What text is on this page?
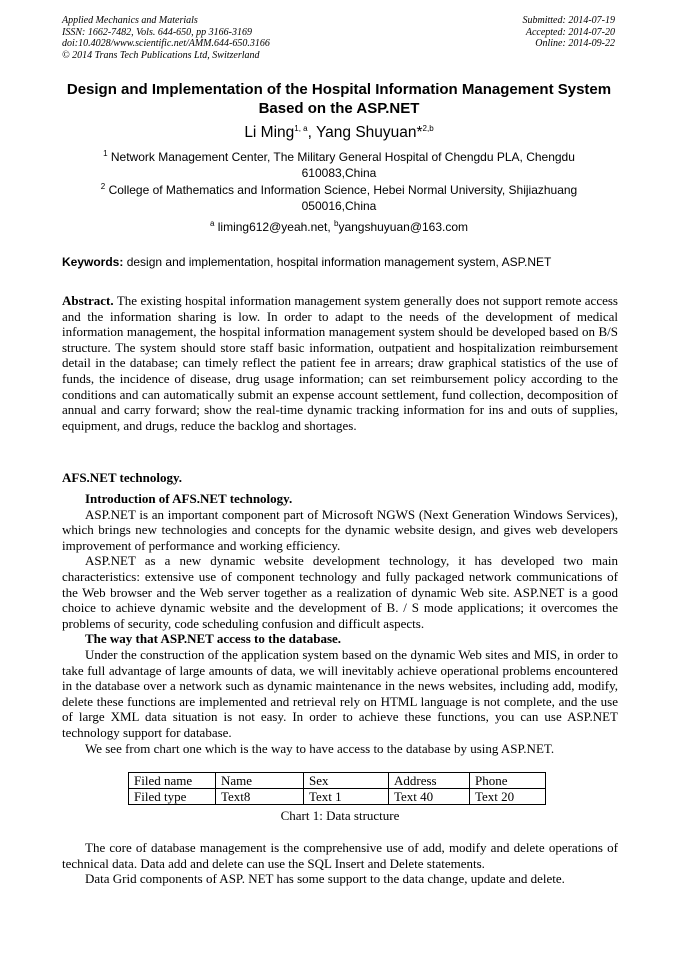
Applied Mechanics and Materials
ISSN: 1662-7482, Vols. 644-650, pp 3166-3169
doi:10.4028/www.scientific.net/AMM.644-650.3166
© 2014 Trans Tech Publications Ltd, Switzerland
Submitted: 2014-07-19
Accepted: 2014-07-20
Online: 2014-09-22
Design and Implementation of the Hospital Information Management System Based on the ASP.NET
Li Ming$^{1, a}$, Yang Shuyuan*$^{2,b}$
$^1$ Network Management Center, The Military General Hospital of Chengdu PLA, Chengdu 610083,China
$^2$ College of Mathematics and Information Science, Hebei Normal University, Shijiazhuang 050016,China
$^a$ liming612@yeah.net, $^b$yangshuyuan@163.com
Keywords: design and implementation, hospital information management system, ASP.NET
Abstract. The existing hospital information management system generally does not support remote access and the information sharing is low. In order to adapt to the needs of the development of medical information management, the hospital information management system should be developed based on B/S structure. The system should store staff basic information, outpatient and hospitalization reimbursement detail in the database; can timely reflect the patient fee in arrears; draw graphical statistics of the use of funds, the incidence of disease, drug usage information; can set reimbursement policy according to the conditions and can automatically submit an expense account settlement, fund collection, decomposition of annual and carry forward; show the real-time dynamic tracking information for ins and outs of supplies, equipment, and drugs, reduce the backlog and shortages.
AFS.NET technology.

Introduction of AFS.NET technology.

ASP.NET is an important component part of Microsoft NGWS (Next Generation Windows Services), which brings new technologies and concepts for the dynamic website design, and gives web developers improvement of performance and working efficiency.

ASP.NET as a new dynamic website development technology, it has developed two main characteristics: extensive use of component technology and fully packaged network communications of the Web browser and the Web server together as a realization of dynamic Web site. ASP.NET is a good choice to achieve dynamic website and the development of B. / S mode applications; it overcomes the problems of security, code scheduling confusion and difficult aspects.

The way that ASP.NET access to the database.

Under the construction of the application system based on the dynamic Web sites and MIS, in order to take full advantage of large amounts of data, we will inevitably achieve operational problems encountered in the database over a network such as dynamic maintenance in the news websites, including add, modify, delete these functions are implemented and retrieval rely on HTML language is not complete, and the use of large XML data situation is not easy. In order to achieve these functions, you can use ASP.NET technology support for database.

We see from chart one which is the way to have access to the database by using ASP.NET.

Filed name	Name	Sex	Address	Phone
Filed type	Text8	Text 1	Text 40	Text 20
Chart 1: Data structure

The core of database management is the comprehensive use of add, modify and delete operations of technical data. Data add and delete can use the SQL Insert and Delete statements.

Data Grid components of ASP. NET has some support to the data change, update and delete.
